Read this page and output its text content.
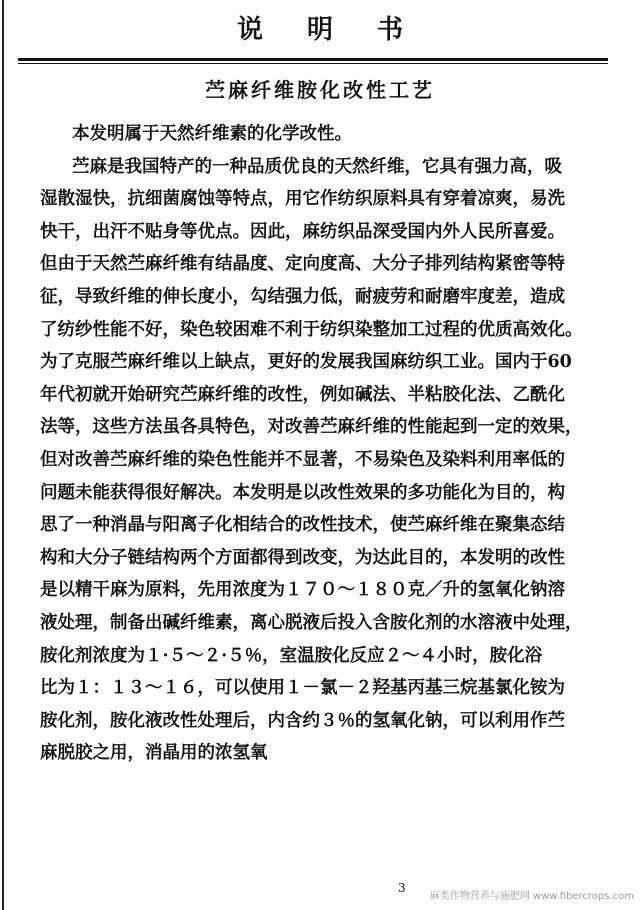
说明书
苎麻纤维胺化改性工艺
本发明属于天然纤维素的化学改性。
苎麻是我国特产的一种品质优良的天然纤维，它具有强力高，吸
湿散湿快，抗细菌腐蚀等特点，用它作纺织原料具有穿着凉爽，易洗
快干，出汗不贴身等优点。因此，麻纺织品深受国内外人民所喜爱。
但由于天然苎麻纤维有结晶度、定向度高、大分子排列结构紧密等特
征，导致纤维的伸长度小，勾结强力低，耐疲劳和耐磨牢度差，造成
了纺纱性能不好，染色较困难不利于纺织染整加工过程的优质高效化。
为了克服苎麻纤维以上缺点，更好的发展我国麻纺织工业。国内于60
年代初就开始研究苎麻纤维的改性，例如碱法、半粘胶化法、乙酰化
法等，这些方法虽各具特色，对改善苎麻纤维的性能起到一定的效果，
但对改善苎麻纤维的染色性能并不显著，不易染色及染料利用率低的
问题未能获得很好解决。本发明是以改性效果的多功能化为目的，构
思了一种消晶与阳离子化相结合的改性技术，使苎麻纤维在聚集态结
构和大分子链结构两个方面都得到改变，为达此目的，本发明的改性
是以精干麻为原料，先用浓度为１７０～１８０克／升的氢氧化钠溶
液处理，制备出碱纤维素，离心脱液后投入含胺化剂的水溶液中处理，
胺化剂浓度为１·５～２·５％，室温胺化反应２～４小时，胺化浴
比为１：１３～１６，可以使用１－氯－２羟基丙基三烷基氯化铵为
胺化剂，胺化液改性处理后，内含约３％的氢氧化钠，可以利用作苎
麻脱胶之用，消晶用的浓氢氧
3
麻类作物营养与施肥网 www.fibercrops.com
